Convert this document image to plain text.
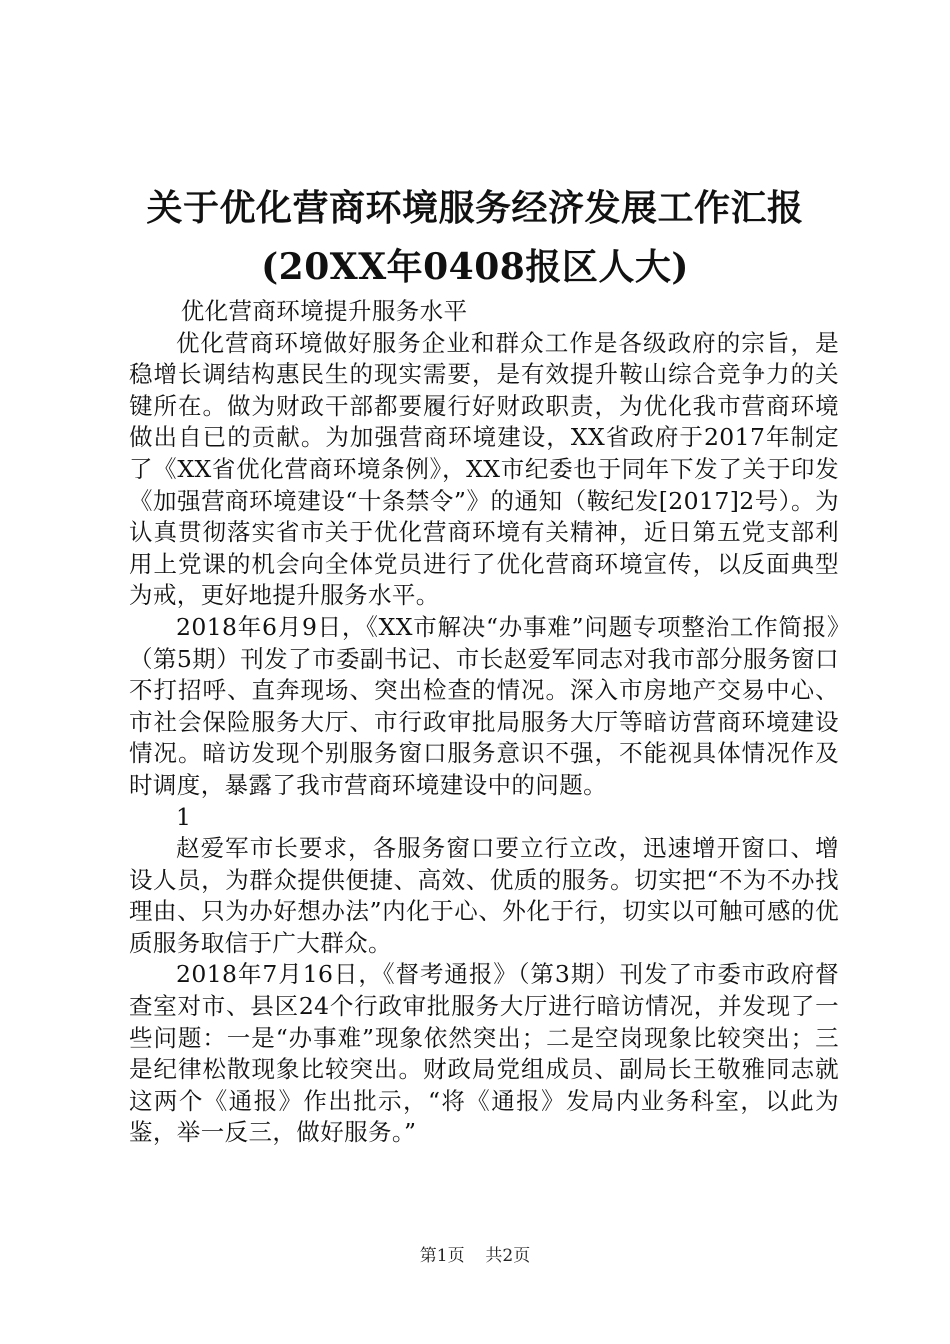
关于优化营商环境服务经济发展工作汇报
(20XX年0408报区人大)

优化营商环境提升服务水平

优化营商环境做好服务企业和群众工作是各级政府的宗旨，是稳增长调结构惠民生的现实需要，是有效提升鞍山综合竞争力的关键所在。做为财政干部都要履行好财政职责，为优化我市营商环境做出自已的贡献。为加强营商环境建设，XX省政府于2017年制定了《XX省优化营商环境条例》，XX市纪委也于同年下发了关于印发《加强营商环境建设“十条禁令”》的通知（鞍纪发[2017]2号）。为认真贯彻落实省市关于优化营商环境有关精神，近日第五党支部利用上党课的机会向全体党员进行了优化营商环境宣传，以反面典型为戒，更好地提升服务水平。

2018年6月9日，《XX市解决“办事难”问题专项整治工作简报》（第5期）刊发了市委副书记、市长赵爱军同志对我市部分服务窗口不打招呼、直奔现场、突出检查的情况。深入市房地产交易中心、市社会保险服务大厅、市行政审批局服务大厅等暗访营商环境建设情况。暗访发现个别服务窗口服务意识不强，不能视具体情况作及时调度，暴露了我市营商环境建设中的问题。

1

赵爱军市长要求，各服务窗口要立行立改，迅速增开窗口、增设人员，为群众提供便捷、高效、优质的服务。切实把“不为不办找理由、只为办好想办法”内化于心、外化于行，切实以可触可感的优质服务取信于广大群众。

2018年7月16日，《督考通报》（第3期）刊发了市委市政府督查室对市、县区24个行政审批服务大厅进行暗访情况，并发现了一些问题：一是“办事难”现象依然突出；二是空岗现象比较突出；三是纪律松散现象比较突出。财政局党组成员、副局长王敬雅同志就这两个《通报》作出批示，“将《通报》发局内业务科室，以此为鉴，举一反三，做好服务。”

第1页 共2页
